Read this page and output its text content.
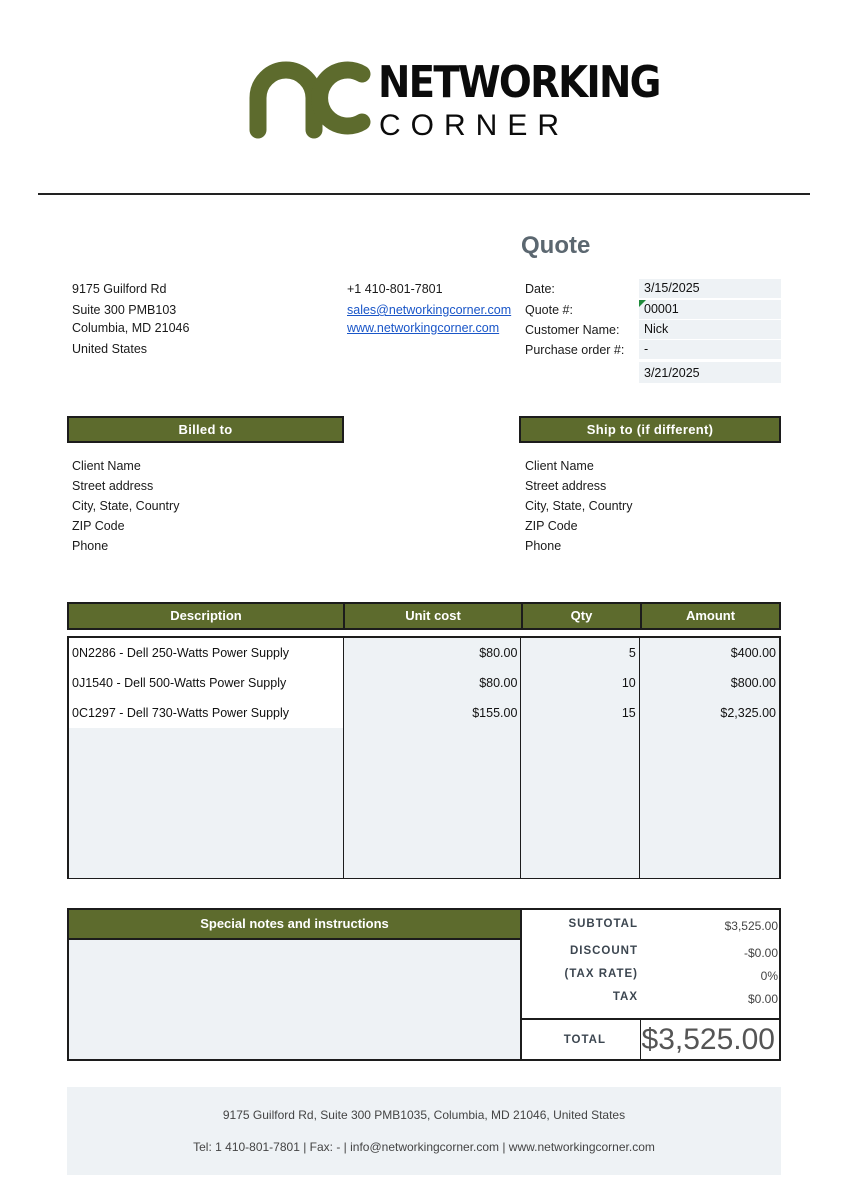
NETWORKING
CORNER
Quote
9175 Guilford Rd
Suite 300 PMB103
Columbia, MD 21046
United States
+1 410-801-7801
sales@networkingcorner.com
www.networkingcorner.com
Date:	3/15/2025
Quote #:	00001
Customer Name:	Nick
Purchase order #:	-
3/21/2025
Billed to	Ship to (if different)
Client Name
Street address
City, State, Country
ZIP Code
Phone
Client Name
Street address
City, State, Country
ZIP Code
Phone
Description	Unit cost	Qty	Amount
0N2286 - Dell 250-Watts Power Supply	$80.00	5	$400.00
0J1540 - Dell 500-Watts Power Supply	$80.00	10	$800.00
0C1297 - Dell 730-Watts Power Supply	$155.00	15	$2,325.00
Special notes and instructions	SUBTOTAL	$3,525.00
DISCOUNT	-$0.00
(TAX RATE)	0%
TAX	$0.00
TOTAL $3,525.00
9175 Guilford Rd, Suite 300 PMB1035, Columbia, MD 21046, United States
Tel: 1 410-801-7801 | Fax: - | info@networkingcorner.com | www.networkingcorner.com
